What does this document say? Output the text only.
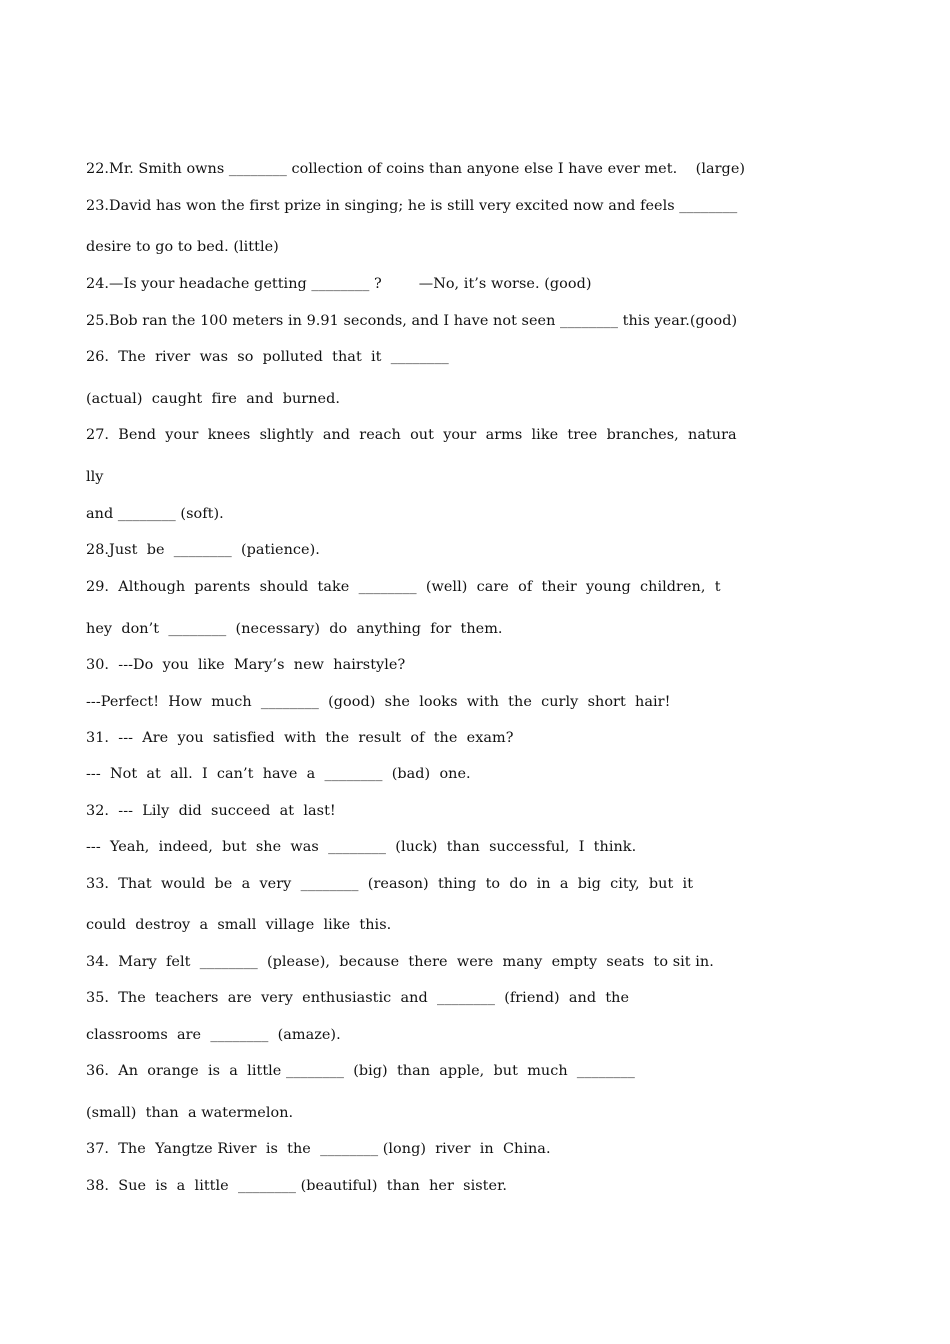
22.Mr. Smith owns ________ collection of coins than anyone else I have ever met.    (large)
23.David has won the first prize in singing; he is still very excited now and feels ________
desire to go to bed. (little)
24.—Is your headache getting ________ ?        —No, it’s worse. (good)
25.Bob ran the 100 meters in 9.91 seconds, and I have not seen ________ this year.(good)
26.  The  river  was  so  polluted  that  it  ________
(actual)  caught  fire  and  burned.
27.  Bend  your  knees  slightly  and  reach  out  your  arms  like  tree  branches,  natura
lly
and ________ (soft).
28.Just  be  ________  (patience).
29.  Although  parents  should  take  ________  (well)  care  of  their  young  children,  t
hey  don’t  ________  (necessary)  do  anything  for  them.
30.  ---Do  you  like  Mary’s  new  hairstyle?
---Perfect!  How  much  ________  (good)  she  looks  with  the  curly  short  hair!
31.  ---  Are  you  satisfied  with  the  result  of  the  exam?
---  Not  at  all.  I  can’t  have  a  ________  (bad)  one.
32.  ---  Lily  did  succeed  at  last!
---  Yeah,  indeed,  but  she  was  ________  (luck)  than  successful,  I  think.
33.  That  would  be  a  very  ________  (reason)  thing  to  do  in  a  big  city,  but  it
could  destroy  a  small  village  like  this.
34.  Mary  felt  ________  (please),  because  there  were  many  empty  seats  to sit in.
35.  The  teachers  are  very  enthusiastic  and  ________  (friend)  and  the
classrooms  are  ________  (amaze).
36.  An  orange  is  a  little ________  (big)  than  apple,  but  much  ________
(small)  than  a watermelon.
37.  The  Yangtze River  is  the  ________ (long)  river  in  China.
38.  Sue  is  a  little  ________ (beautiful)  than  her  sister.
